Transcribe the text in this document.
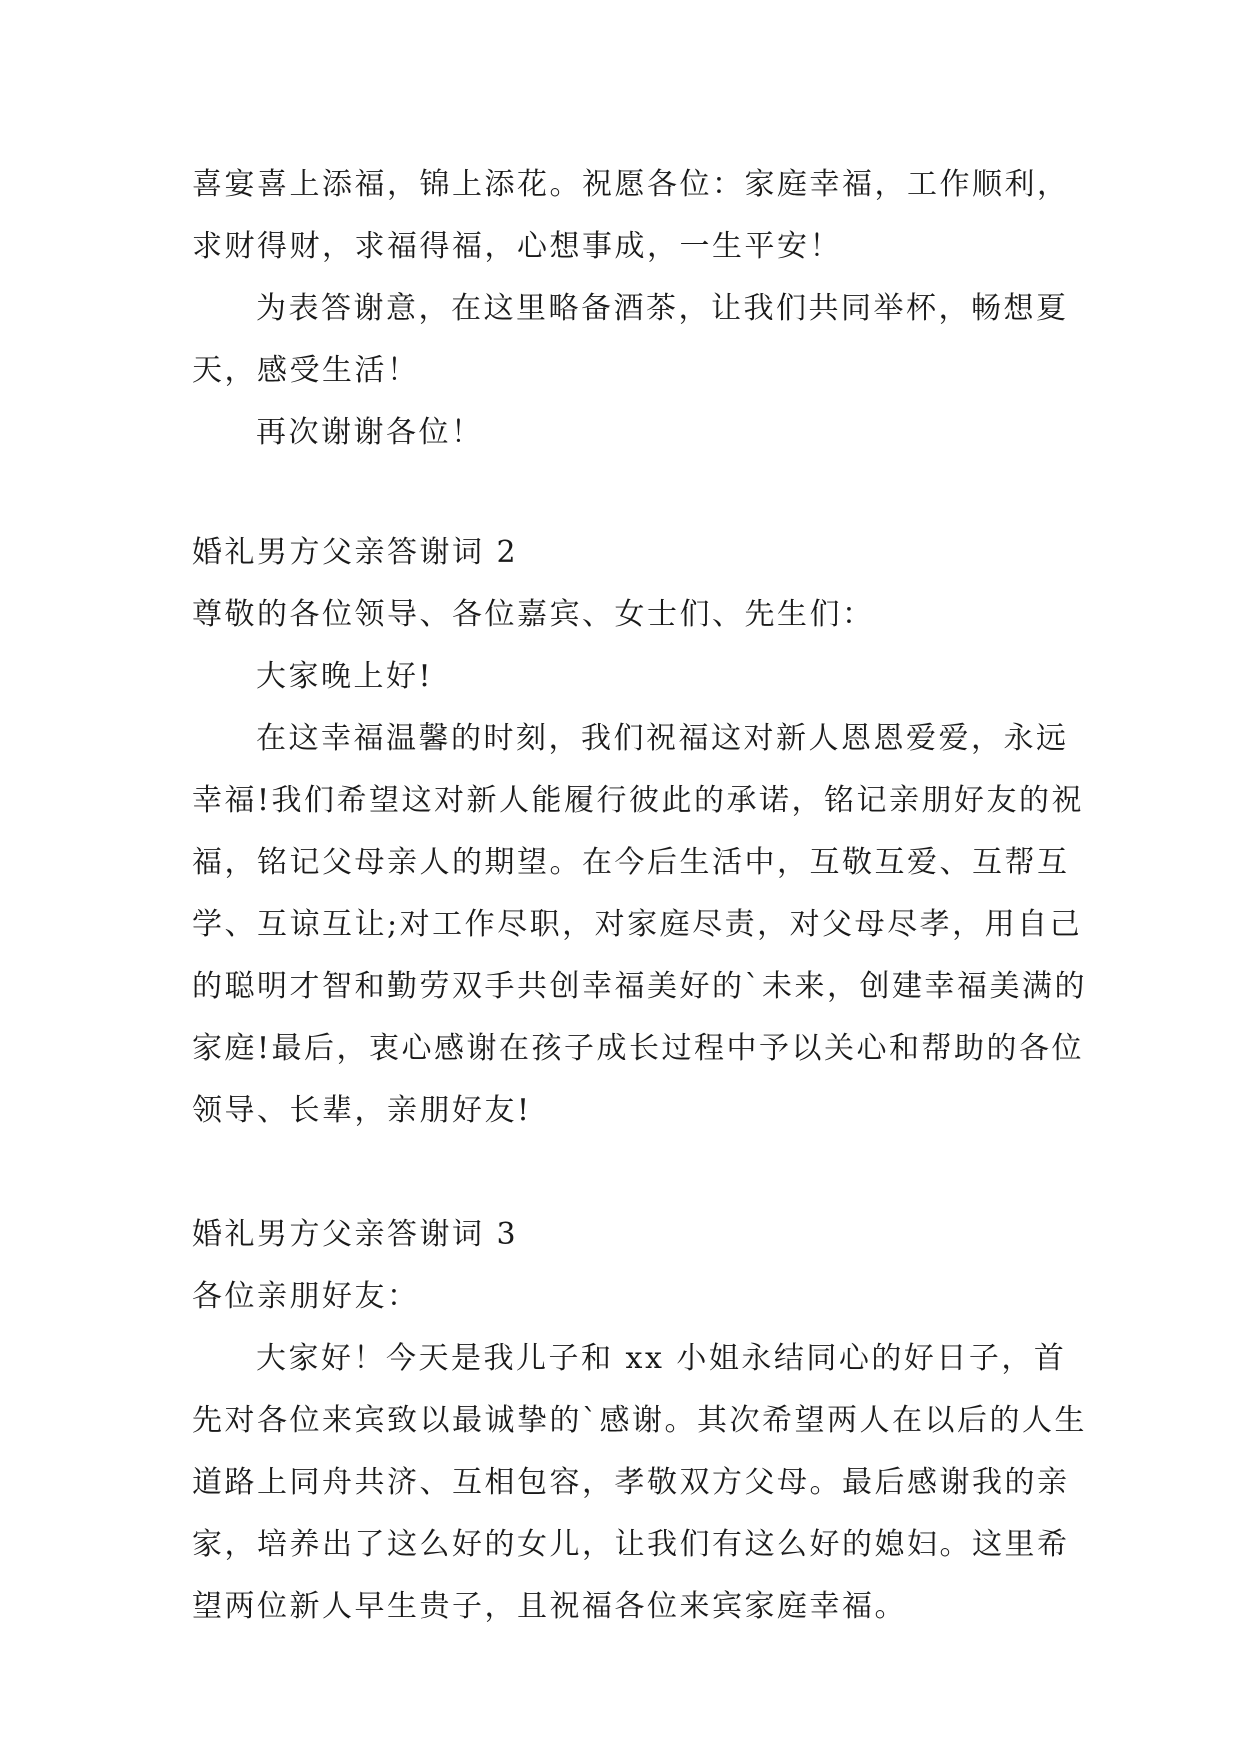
喜宴喜上添福，锦上添花。祝愿各位：家庭幸福，工作顺利，求财得财，求福得福，心想事成，一生平安！

为表答谢意，在这里略备酒茶，让我们共同举杯，畅想夏天，感受生活！

再次谢谢各位！

婚礼男方父亲答谢词 2

尊敬的各位领导、各位嘉宾、女士们、先生们：

大家晚上好!

在这幸福温馨的时刻，我们祝福这对新人恩恩爱爱，永远幸福!我们希望这对新人能履行彼此的承诺，铭记亲朋好友的祝福，铭记父母亲人的期望。在今后生活中，互敬互爱、互帮互学、互谅互让;对工作尽职，对家庭尽责，对父母尽孝，用自己的聪明才智和勤劳双手共创幸福美好的`未来，创建幸福美满的家庭!最后，衷心感谢在孩子成长过程中予以关心和帮助的各位领导、长辈，亲朋好友!

婚礼男方父亲答谢词 3

各位亲朋好友：

大家好！今天是我儿子和 xx 小姐永结同心的好日子，首先对各位来宾致以最诚挚的`感谢。其次希望两人在以后的人生道路上同舟共济、互相包容，孝敬双方父母。最后感谢我的亲家，培养出了这么好的女儿，让我们有这么好的媳妇。这里希望两位新人早生贵子，且祝福各位来宾家庭幸福。
